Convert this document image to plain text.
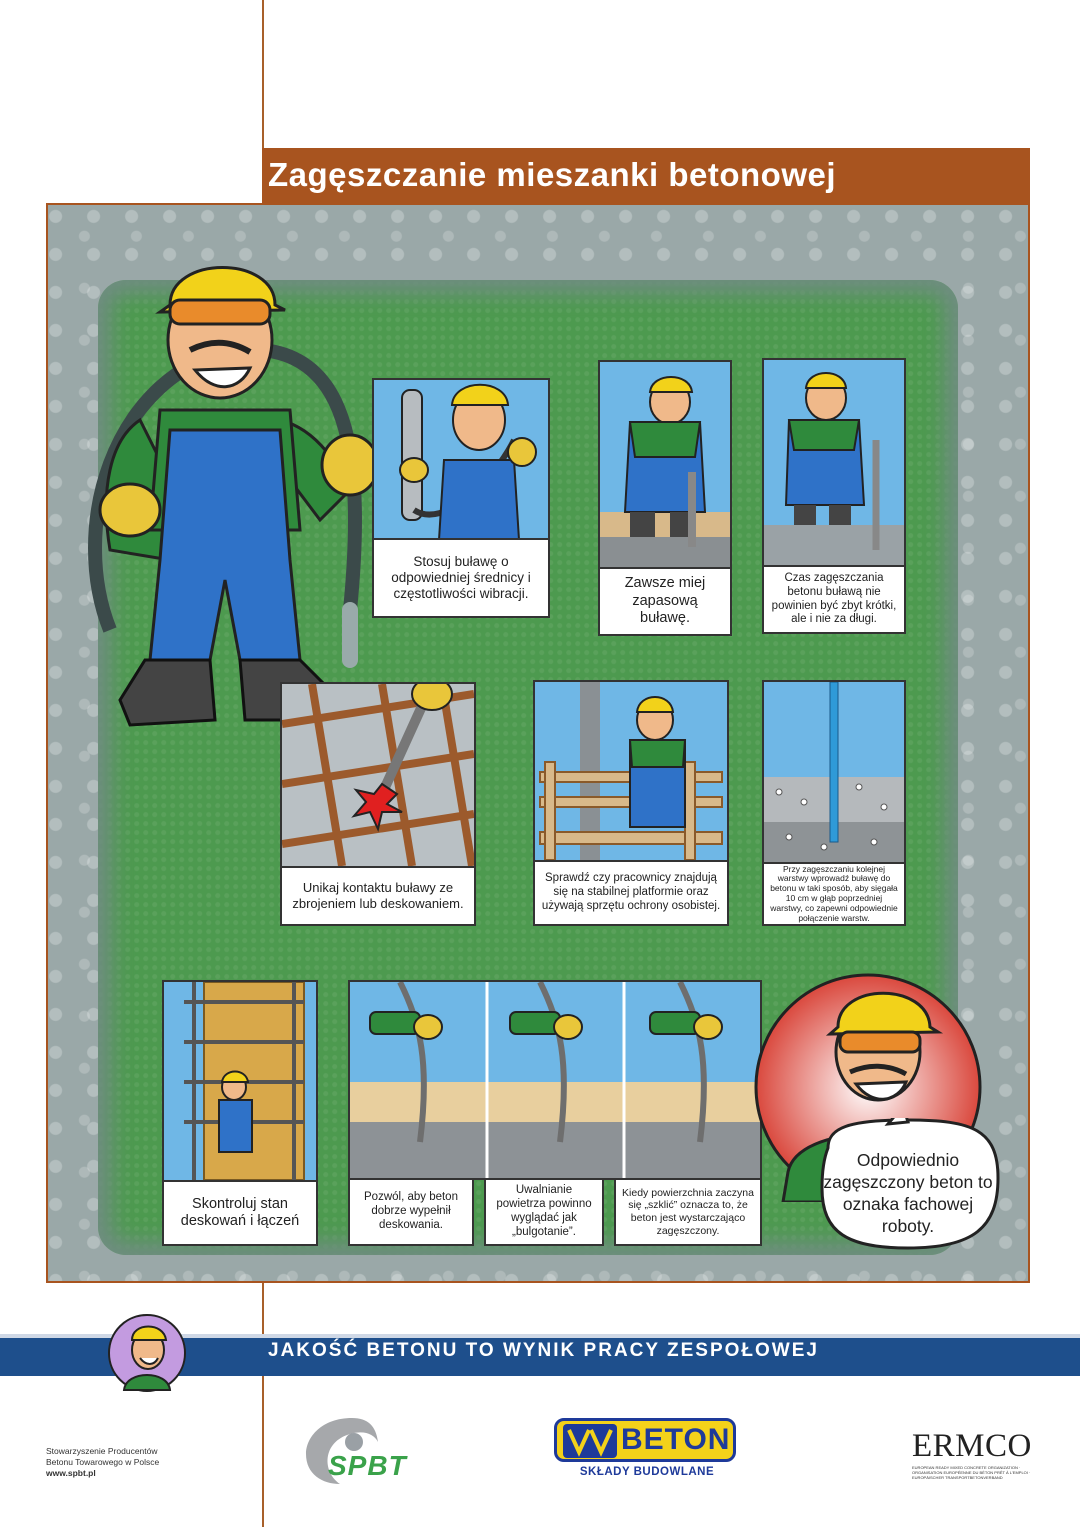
Zagęszczanie mieszanki betonowej
Stosuj buławę o odpowiedniej średnicy i częstotliwości wibracji.
Zawsze miej zapasową buławę.
Czas zagęszczania betonu buławą nie powinien być zbyt krótki, ale i nie za długi.
Unikaj kontaktu buławy ze zbrojeniem lub deskowaniem.
Sprawdź czy pracownicy znajdują się na stabilnej platformie oraz używają sprzętu ochrony osobistej.
Przy zagęszczaniu kolejnej warstwy wprowadź buławę do betonu w taki sposób, aby sięgała 10 cm w głąb poprzedniej warstwy, co zapewni odpowiednie połączenie warstw.
Skontroluj stan deskowań i łączeń
Pozwól, aby beton dobrze wypełnił deskowania.
Uwalnianie powietrza powinno wyglądać jak „bulgotanie”.
Kiedy powierzchnia zaczyna się „szklić” oznacza to, że beton jest wystarczająco zagęszczony.
Odpowiednio zagęszczony beton to oznaka fachowej roboty.
JAKOŚĆ BETONU TO WYNIK PRACY ZESPOŁOWEJ
Stowarzyszenie Producentów
Betonu Towarowego w Polsce
www.spbt.pl	SPBT
BETON
SKŁADY BUDOWLANE
ERMCO
EUROPEAN READY MIXED CONCRETE ORGANIZATION · ORGANISATION EUROPÉENNE DU BÉTON PRÊT À L'EMPLOI · EUROPÄISCHER TRANSPORTBETONVERBAND
